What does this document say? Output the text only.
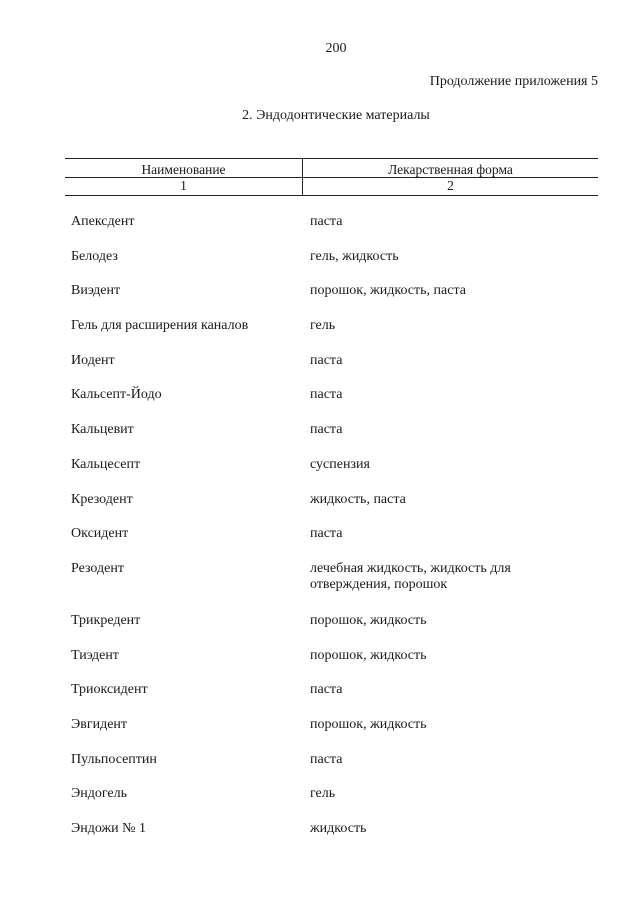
200
Продолжение приложения 5
2. Эндодонтические материалы
Наименование	Лекарственная форма
1	2
Апексдент	паста
Белодез	гель, жидкость
Виэдент	порошок, жидкость, паста
Гель для расширения каналов	гель
Иодент	паста
Кальсепт-Йодо	паста
Кальцевит	паста
Кальцесепт	суспензия
Крезодент	жидкость, паста
Оксидент	паста
Резодент	лечебная жидкость, жидкость для отверждения, порошок
Трикредент	порошок, жидкость
Тиэдент	порошок, жидкость
Триоксидент	паста
Эвгидент	порошок, жидкость
Пульпосептин	паста
Эндогель	гель
Эндожи № 1	жидкость
